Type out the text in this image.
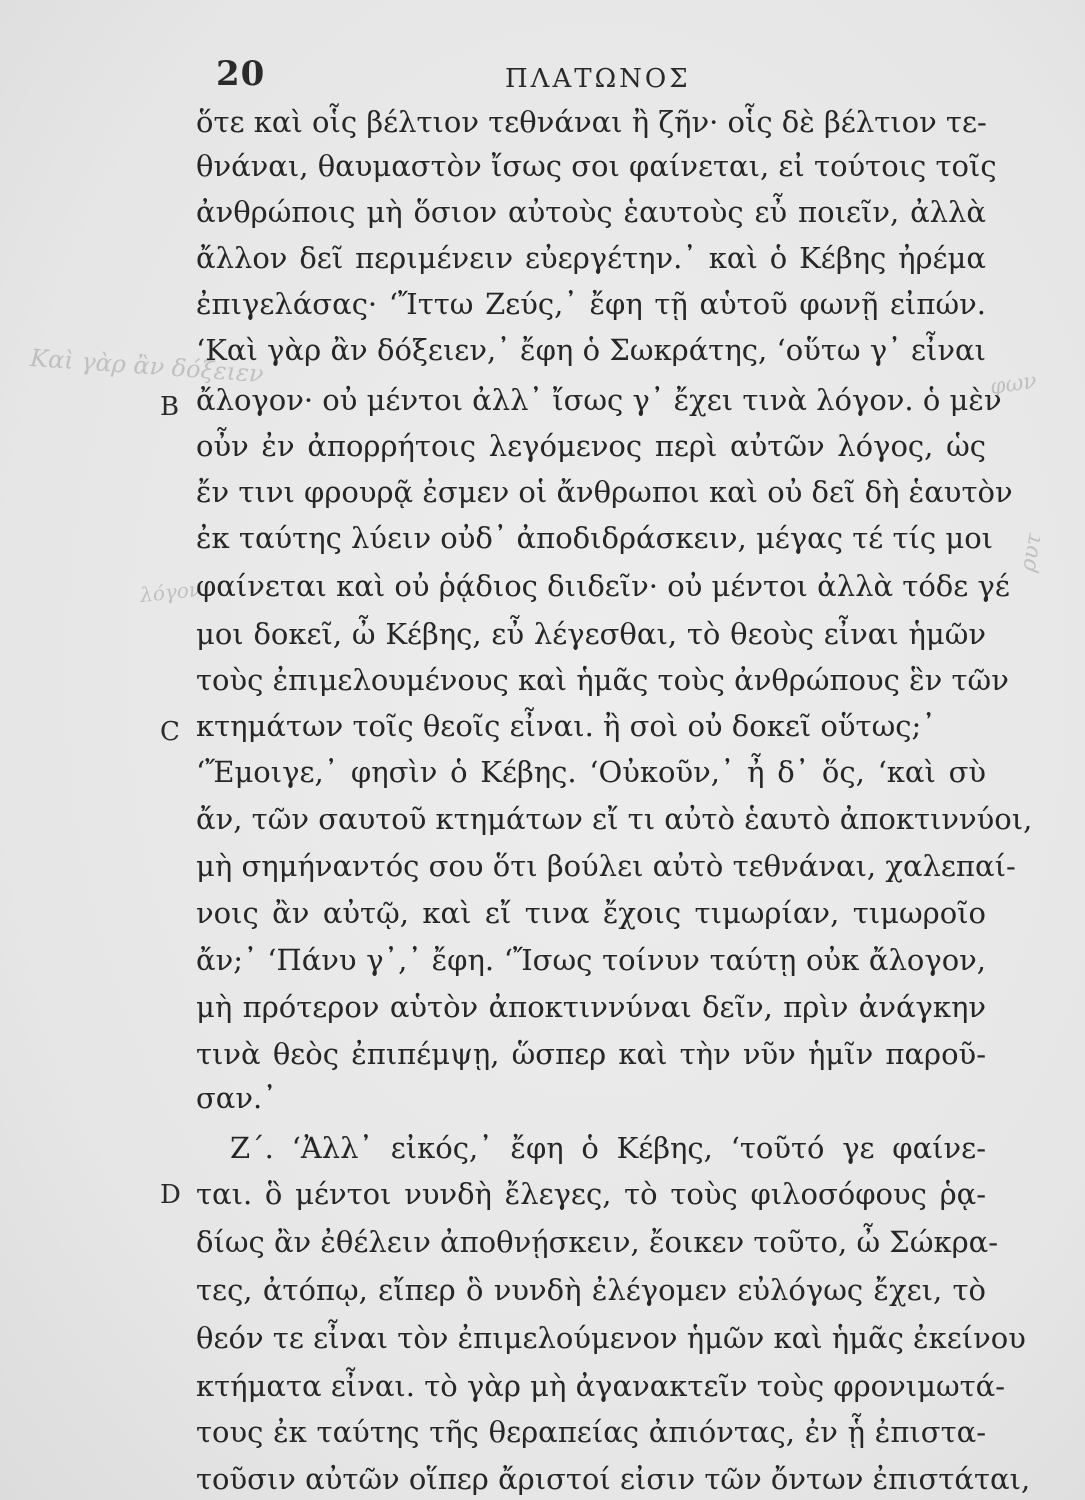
20	ΠΛΑΤΩΝΟΣ
Καὶ γὰρ ἂν δόξειεν	φων
ρυτ
λόγον
B
C
D
ὅτε καὶ οἷς βέλτιον τεθνάναι ἢ ζῆν· οἷς δὲ βέλτιον τε-
θνάναι, θαυμαστὸν ἴσως σοι φαίνεται, εἰ τούτοις τοῖς
ἀνθρώποις μὴ ὅσιον αὐτοὺς ἑαυτοὺς εὖ ποιεῖν, ἀλλὰ
ἄλλον δεῖ περιμένειν εὐεργέτην.᾿ καὶ ὁ Κέβης ἠρέμα
ἐπιγελάσας· ‘Ἴττω Ζεύς,᾿ ἔφη τῇ αὑτοῦ φωνῇ εἰπών.
‘Καὶ γὰρ ἂν δόξειεν,᾿ ἔφη ὁ Σωκράτης, ‘οὕτω γ᾿ εἶναι
ἄλογον· οὐ μέντοι ἀλλ᾿ ἴσως γ᾿ ἔχει τινὰ λόγον. ὁ μὲν
οὖν ἐν ἀπορρήτοις λεγόμενος περὶ αὐτῶν λόγος, ὡς
ἔν τινι φρουρᾷ ἐσμεν οἱ ἄνθρωποι καὶ οὐ δεῖ δὴ ἑαυτὸν
ἐκ ταύτης λύειν οὐδ᾿ ἀποδιδράσκειν, μέγας τέ τίς μοι
φαίνεται καὶ οὐ ῥᾴδιος διιδεῖν· οὐ μέντοι ἀλλὰ τόδε γέ
μοι δοκεῖ, ὦ Κέβης, εὖ λέγεσθαι, τὸ θεοὺς εἶναι ἡμῶν
τοὺς ἐπιμελουμένους καὶ ἡμᾶς τοὺς ἀνθρώπους ἓν τῶν
κτημάτων τοῖς θεοῖς εἶναι. ἢ σοὶ οὐ δοκεῖ οὕτως;᾿
‘Ἔμοιγε,᾿ φησὶν ὁ Κέβης. ‘Οὐκοῦν,᾿ ἦ δ᾿ ὅς, ‘καὶ σὺ
ἄν, τῶν σαυτοῦ κτημάτων εἴ τι αὐτὸ ἑαυτὸ ἀποκτιννύοι,
μὴ σημήναντός σου ὅτι βούλει αὐτὸ τεθνάναι, χαλεπαί-
νοις ἂν αὐτῷ, καὶ εἴ τινα ἔχοις τιμωρίαν, τιμωροῖο
ἄν;᾿ ‘Πάνυ γ᾿,᾿ ἔφη. ‘Ἴσως τοίνυν ταύτῃ οὐκ ἄλογον,
μὴ πρότερον αὑτὸν ἀποκτιννύναι δεῖν, πρὶν ἀνάγκην
τινὰ θεὸς ἐπιπέμψῃ, ὥσπερ καὶ τὴν νῦν ἡμῖν παροῦ-
σαν.᾿
Ζ΄. ‘Ἀλλ᾿ εἰκός,᾿ ἔφη ὁ Κέβης, ‘τοῦτό γε φαίνε-
ται. ὃ μέντοι νυνδὴ ἔλεγες, τὸ τοὺς φιλοσόφους ῥᾳ-
δίως ἂν ἐθέλειν ἀποθνῄσκειν, ἔοικεν τοῦτο, ὦ Σώκρα-
τες, ἀτόπῳ, εἴπερ ὃ νυνδὴ ἐλέγομεν εὐλόγως ἔχει, τὸ
θεόν τε εἶναι τὸν ἐπιμελούμενον ἡμῶν καὶ ἡμᾶς ἐκείνου
κτήματα εἶναι. τὸ γὰρ μὴ ἀγανακτεῖν τοὺς φρονιμωτά-
τους ἐκ ταύτης τῆς θεραπείας ἀπιόντας, ἐν ᾗ ἐπιστα-
τοῦσιν αὐτῶν οἵπερ ἄριστοί εἰσιν τῶν ὄντων ἐπιστάται,
